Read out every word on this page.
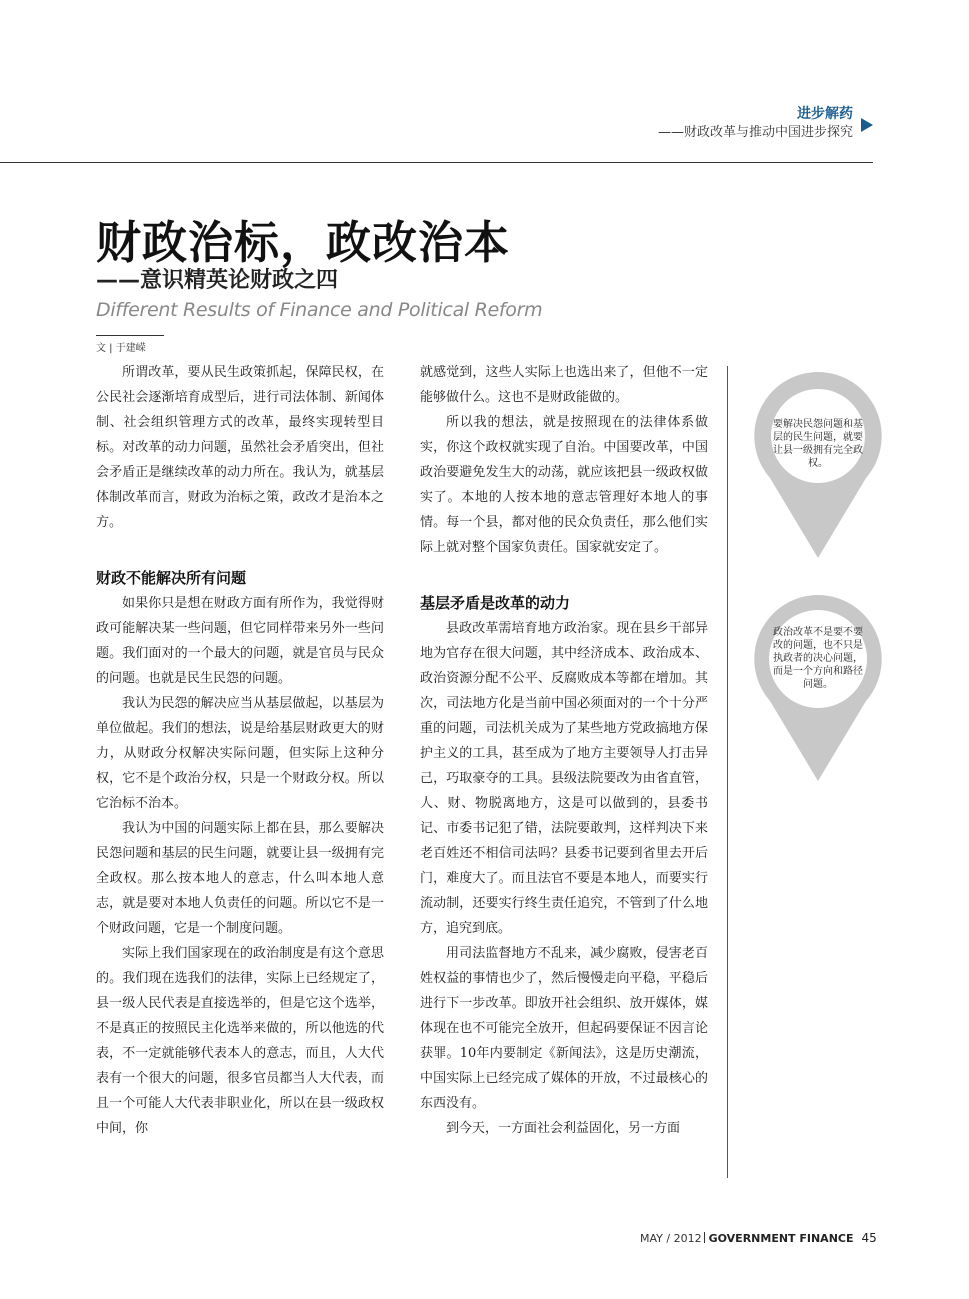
进步解药
——财政改革与推动中国进步探究
财政治标，政改治本
——意识精英论财政之四
Different Results of Finance and Political Reform
文 | 于建嵘

所谓改革，要从民生政策抓起，保障民权，在公民社会逐渐培育成型后，进行司法体制、新闻体制、社会组织管理方式的改革，最终实现转型目标。对改革的动力问题，虽然社会矛盾突出，但社会矛盾正是继续改革的动力所在。我认为，就基层体制改革而言，财政为治标之策，政改才是治本之方。

财政不能解决所有问题

如果你只是想在财政方面有所作为，我觉得财政可能解决某一些问题，但它同样带来另外一些问题。我们面对的一个最大的问题，就是官员与民众的问题。也就是民生民怨的问题。

我认为民怨的解决应当从基层做起，以基层为单位做起。我们的想法，说是给基层财政更大的财力，从财政分权解决实际问题，但实际上这种分权，它不是个政治分权，只是一个财政分权。所以它治标不治本。

我认为中国的问题实际上都在县，那么要解决民怨问题和基层的民生问题，就要让县一级拥有完全政权。那么按本地人的意志，什么叫本地人意志，就是要对本地人负责任的问题。所以它不是一个财政问题，它是一个制度问题。

实际上我们国家现在的政治制度是有这个意思的。我们现在选我们的法律，实际上已经规定了，县一级人民代表是直接选举的，但是它这个选举，不是真正的按照民主化选举来做的，所以他选的代表，不一定就能够代表本人的意志，而且，人大代表有一个很大的问题，很多官员都当人大代表，而且一个可能人大代表非职业化，所以在县一级政权中间，你

就感觉到，这些人实际上也选出来了，但他不一定能够做什么。这也不是财政能做的。

所以我的想法，就是按照现在的法律体系做实，你这个政权就实现了自治。中国要改革，中国政治要避免发生大的动荡，就应该把县一级政权做实了。本地的人按本地的意志管理好本地人的事情。每一个县，都对他的民众负责任，那么他们实际上就对整个国家负责任。国家就安定了。

基层矛盾是改革的动力

县政改革需培育地方政治家。现在县乡干部异地为官存在很大问题，其中经济成本、政治成本、政治资源分配不公平、反腐败成本等都在增加。其次，司法地方化是当前中国必须面对的一个十分严重的问题，司法机关成为了某些地方党政搞地方保护主义的工具，甚至成为了地方主要领导人打击异己，巧取豪夺的工具。县级法院要改为由省直管，人、财、物脱离地方，这是可以做到的，县委书记、市委书记犯了错，法院要敢判，这样判决下来老百姓还不相信司法吗？县委书记要到省里去开后门，难度大了。而且法官不要是本地人，而要实行流动制，还要实行终生责任追究，不管到了什么地方，追究到底。

用司法监督地方不乱来，减少腐败，侵害老百姓权益的事情也少了，然后慢慢走向平稳，平稳后进行下一步改革。即放开社会组织、放开媒体，媒体现在也不可能完全放开，但起码要保证不因言论获罪。10年内要制定《新闻法》，这是历史潮流，中国实际上已经完成了媒体的开放，不过最核心的东西没有。

到今天，一方面社会利益固化，另一方面

要解决民怨问题和基层的民生问题，就要让县一级拥有完全政权。
政治改革不是要不要改的问题，也不只是执政者的决心问题，而是一个方向和路径问题。
MAY / 2012 GOVERNMENT FINANCE 45
